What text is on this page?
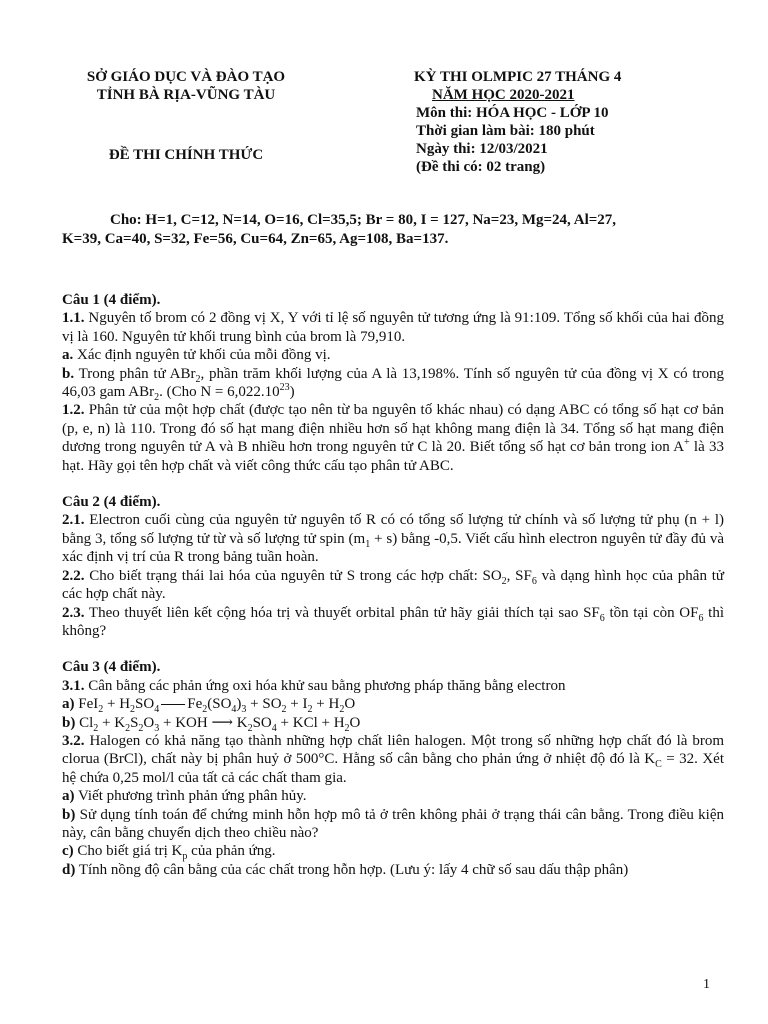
SỞ GIÁO DỤC VÀ ĐÀO TẠO
TỈNH BÀ RỊA-VŨNG TÀU
ĐỀ THI CHÍNH THỨC
KỲ THI OLMPIC 27 THÁNG 4
NĂM HỌC 2020-2021
Môn thi: HÓA HỌC - LỚP 10
Thời gian làm bài: 180 phút
Ngày thi: 12/03/2021
(Đề thi có: 02 trang)
Cho: H=1, C=12, N=14, O=16, Cl=35,5; Br = 80, I = 127, Na=23, Mg=24, Al=27,
K=39, Ca=40, S=32, Fe=56, Cu=64, Zn=65, Ag=108, Ba=137.
Câu 1 (4 điểm).

1.1. Nguyên tố brom có 2 đồng vị X, Y với tỉ lệ số nguyên tử tương ứng là 91:109. Tổng số khối của hai đồng vị là 160. Nguyên tử khối trung bình của brom là 79,910.

a. Xác định nguyên tử khối của mỗi đồng vị.

b. Trong phân tử ABr$_2$, phần trăm khối lượng của A là 13,198%. Tính số nguyên tử của đồng vị X có trong 46,03 gam ABr$_2$. (Cho $N = 6,022.10^{23}$)

1.2. Phân tử của một hợp chất (được tạo nên từ ba nguyên tố khác nhau) có dạng ABC có tổng số hạt cơ bản (p, e, n) là 110. Trong đó số hạt mang điện nhiều hơn số hạt không mang điện là 34. Tổng số hạt mang điện dương trong nguyên tử A và B nhiều hơn trong nguyên tử C là 20. Biết tổng số hạt cơ bản trong ion A+ là 33 hạt. Hãy gọi tên hợp chất và viết công thức cấu tạo phân tử ABC.

Câu 2 (4 điểm).

2.1. Electron cuối cùng của nguyên tử nguyên tố R có có tổng số lượng tử chính và số lượng tử phụ (n + l) bằng 3, tổng số lượng tử từ và số lượng tử spin $(m_1 + s)$ bằng -0,5. Viết cấu hình electron nguyên tử đầy đủ và xác định vị trí của R trong bảng tuần hoàn.

2.2. Cho biết trạng thái lai hóa của nguyên tử S trong các hợp chất: $SO_2$, $SF_6$ và dạng hình học của phân tử các hợp chất này.

2.3. Theo thuyết liên kết cộng hóa trị và thuyết orbital phân tử hãy giải thích tại sao $SF_6$ tồn tại còn $OF_6$ thì không?

Câu 3 (4 điểm).

3.1. Cân bằng các phản ứng oxi hóa khử sau bằng phương pháp thăng bằng electron

a) $FeI_2 + H_2SO_4$ $Fe_2(SO_4)_3 + SO_2 + I_2 + H_2O$

b) $Cl_2 + K_2S_2O_3$ + KOH ⟶ $K_2SO_4$ + KCl + $H_2O$

3.2. Halogen có khả năng tạo thành những hợp chất liên halogen. Một trong số những hợp chất đó là brom clorua (BrCl), chất này bị phân huỷ ở 500°C. Hằng số cân bằng cho phản ứng ở nhiệt độ đó là $K_C = 32$. Xét hệ chứa 0,25 mol/l của tất cả các chất tham gia.

a) Viết phương trình phản ứng phân hủy.

b) Sử dụng tính toán để chứng minh hỗn hợp mô tả ở trên không phải ở trạng thái cân bằng. Trong điều kiện này, cân bằng chuyển dịch theo chiều nào?

c) Cho biết giá trị $K_p$ của phản ứng.

d) Tính nồng độ cân bằng của các chất trong hỗn hợp. (Lưu ý: lấy 4 chữ số sau dấu thập phân)

1
